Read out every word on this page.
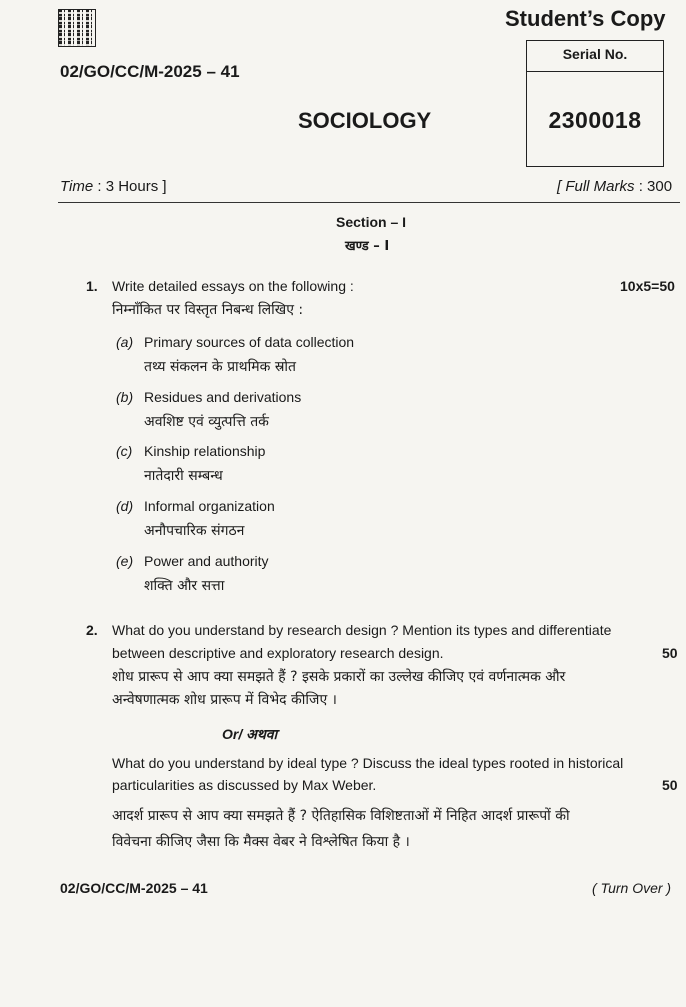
Student’s Copy
Serial No.
2300018
02/GO/CC/M-2025 – 41
SOCIOLOGY
Time : 3 Hours ]	[ Full Marks : 300
Section – I
खण्ड – I
1. Write detailed essays on the following :	10x5=50
निम्नाँकित पर विस्तृत निबन्ध लिखिए :
(a) Primary sources of data collection
तथ्य संकलन के प्राथमिक स्रोत
(b) Residues and derivations
अवशिष्ट एवं व्युत्पत्ति तर्क
(c) Kinship relationship
नातेदारी सम्बन्ध
(d) Informal organization
अनौपचारिक संगठन
(e) Power and authority
शक्ति और सत्ता
2. What do you understand by research design ? Mention its types and differentiate
between descriptive and exploratory research design.	50
शोध प्रारूप से आप क्या समझते हैं ? इसके प्रकारों का उल्लेख कीजिए एवं वर्णनात्मक और
अन्वेषणात्मक शोध प्रारूप में विभेद कीजिए ।
Or/ अथवा
What do you understand by ideal type ? Discuss the ideal types rooted in historical
particularities as discussed by Max Weber.	50
आदर्श प्रारूप से आप क्या समझते हैं ? ऐतिहासिक विशिष्टताओं में निहित आदर्श प्रारूपों की
विवेचना कीजिए जैसा कि मैक्स वेबर ने विश्लेषित किया है ।
02/GO/CC/M-2025 – 41	( Turn Over )
